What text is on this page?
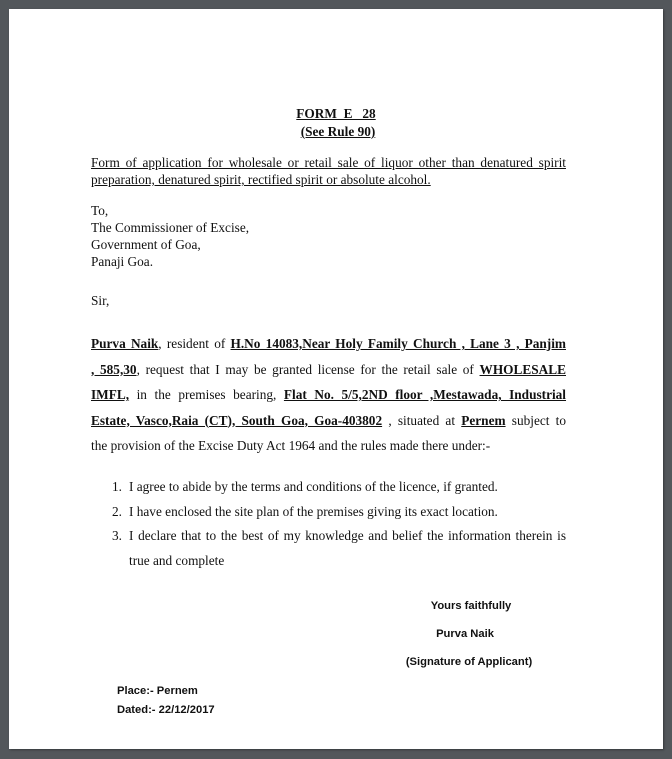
FORM  E   28
(See Rule 90)
Form of application for wholesale or retail sale of liquor other than denatured spirit
preparation, denatured spirit, rectified spirit or absolute alcohol.
To,
The Commissioner of Excise,
Government of Goa,
Panaji Goa.
Sir,
Purva Naik, resident of H.No 14083,Near Holy Family Church , Lane 3 , Panjim
, 585,30, request that I may be granted license for the retail sale of WHOLESALE
IMFL, in the premises bearing, Flat No. 5/5,2ND floor ,Mestawada, Industrial
Estate, Vasco,Raia (CT), South Goa, Goa-403802 , situated at Pernem subject to
the provision of the Excise Duty Act 1964 and the rules made there under:-
1. I agree to abide by the terms and conditions of the licence, if granted.
2. I have enclosed the site plan of the premises giving its exact location.
3. I declare that to the best of my knowledge and belief the information therein is
true and complete
Yours faithfully
Purva Naik
(Signature of Applicant)
Place:- Pernem
Dated:- 22/12/2017
